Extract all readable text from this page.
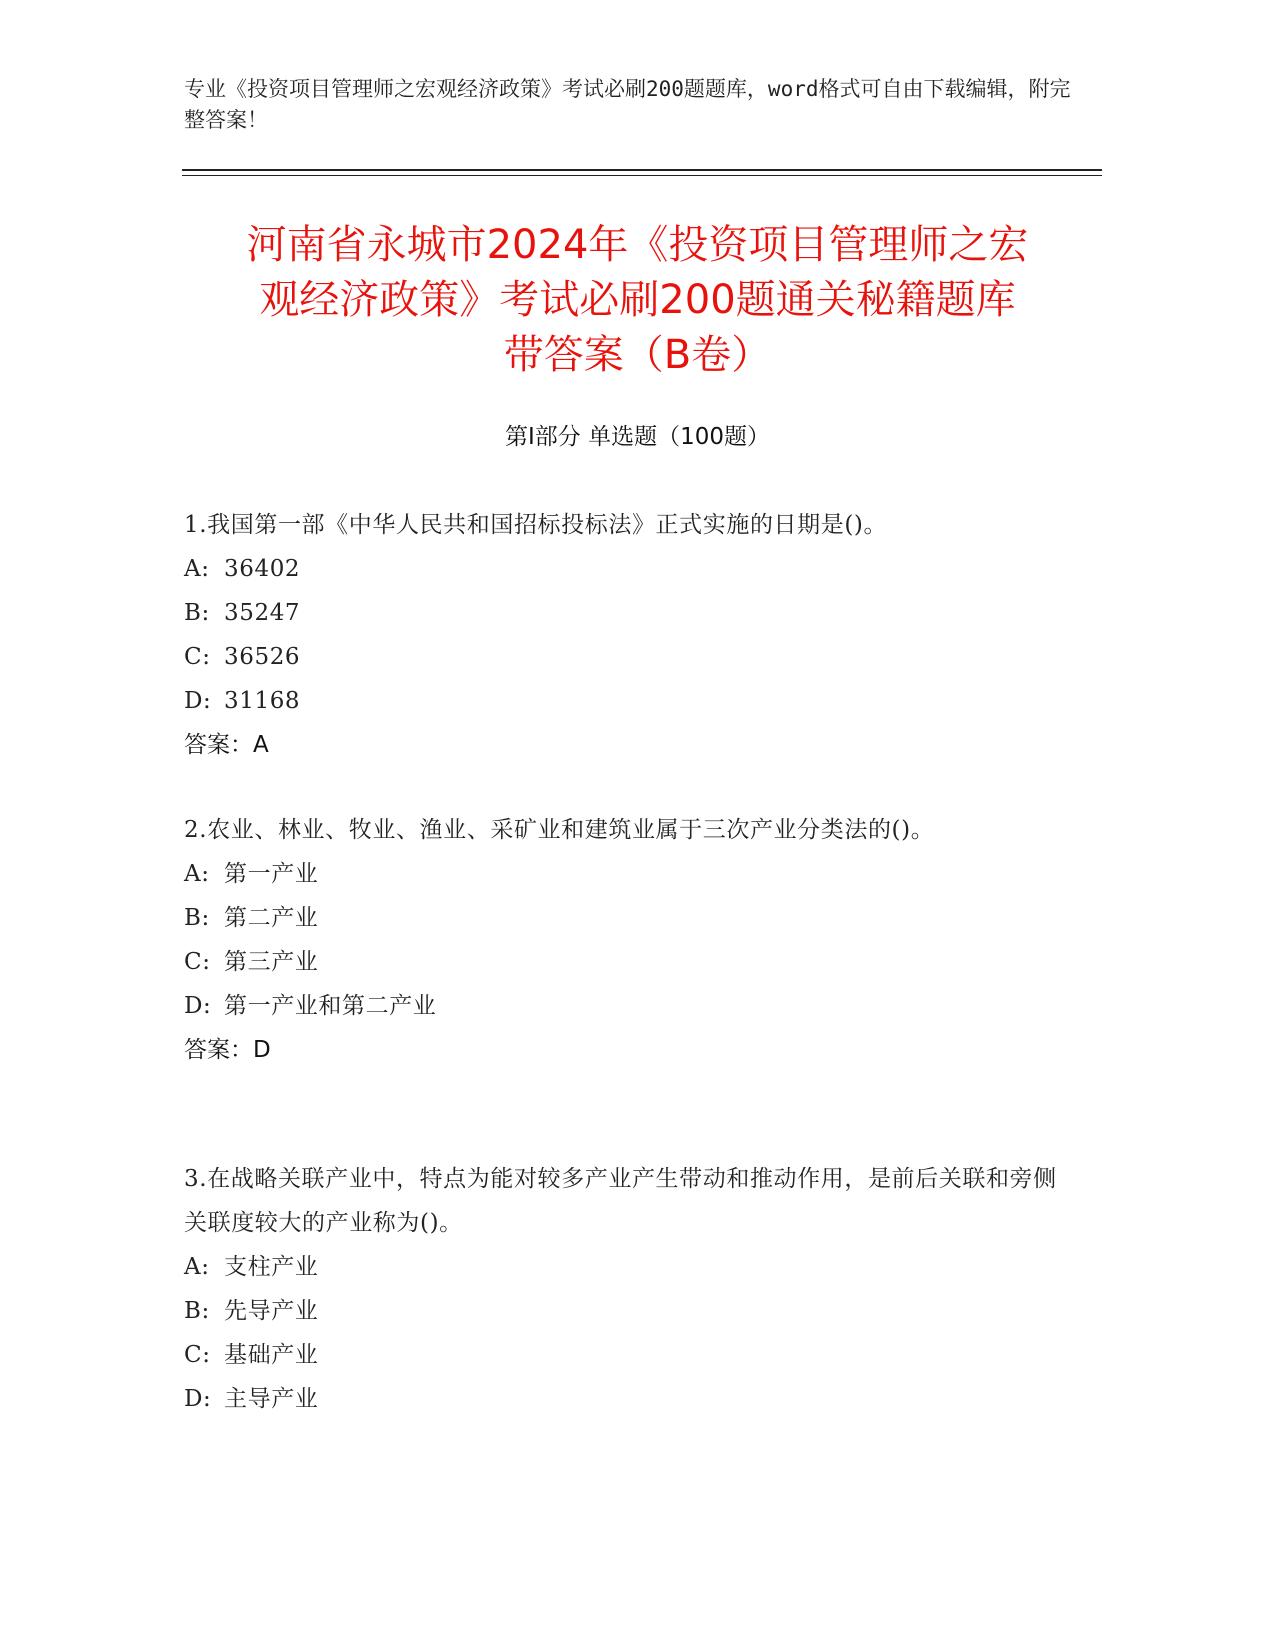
专业《投资项目管理师之宏观经济政策》考试必刷200题题库，word格式可自由下载编辑，附完整答案！
河南省永城市2024年《投资项目管理师之宏
观经济政策》考试必刷200题通关秘籍题库
带答案（B卷）
第Ⅰ部分 单选题（100题）
1.我国第一部《中华人民共和国招标投标法》正式实施的日期是()。
A: 36402
B: 35247
C: 36526
D: 31168
答案：A
2.农业、林业、牧业、渔业、采矿业和建筑业属于三次产业分类法的()。
A: 第一产业
B: 第二产业
C: 第三产业
D: 第一产业和第二产业
答案：D
3.在战略关联产业中，特点为能对较多产业产生带动和推动作用，是前后关联和旁侧关联度较大的产业称为()。
A: 支柱产业
B: 先导产业
C: 基础产业
D: 主导产业
